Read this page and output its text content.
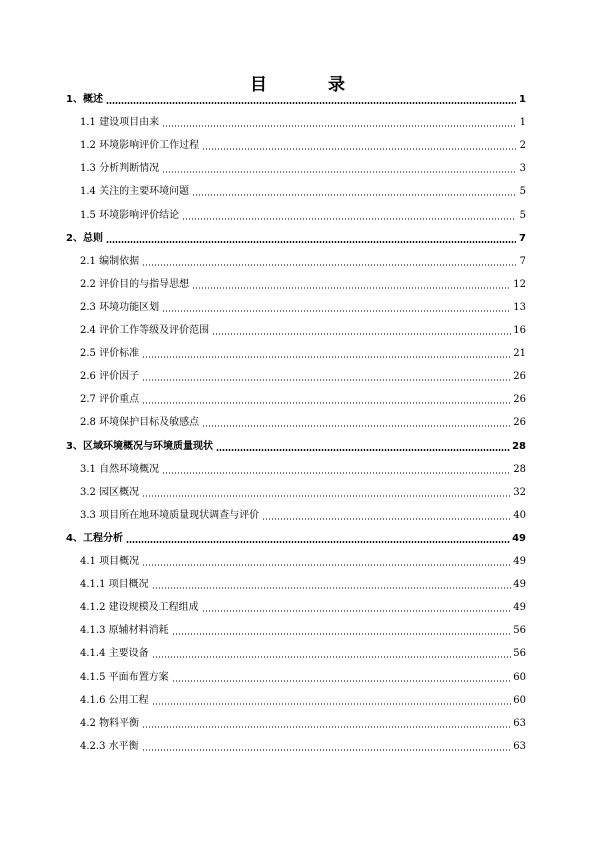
目　录
1、概述	1
1.1 建设项目由来	1
1.2 环境影响评价工作过程	2
1.3 分析判断情况	3
1.4 关注的主要环境问题	5
1.5 环境影响评价结论	5
2、总则	7
2.1 编制依据	7
2.2 评价目的与指导思想	12
2.3 环境功能区划	13
2.4 评价工作等级及评价范围	16
2.5 评价标准	21
2.6 评价因子	26
2.7 评价重点	26
2.8 环境保护目标及敏感点	26
3、区域环境概况与环境质量现状	28
3.1 自然环境概况	28
3.2 园区概况	32
3.3 项目所在地环境质量现状调查与评价	40
4、工程分析	49
4.1 项目概况	49
4.1.1 项目概况	49
4.1.2 建设规模及工程组成	49
4.1.3 原辅材料消耗	56
4.1.4 主要设备	56
4.1.5 平面布置方案	60
4.1.6 公用工程	60
4.2 物料平衡	63
4.2.3 水平衡	63
